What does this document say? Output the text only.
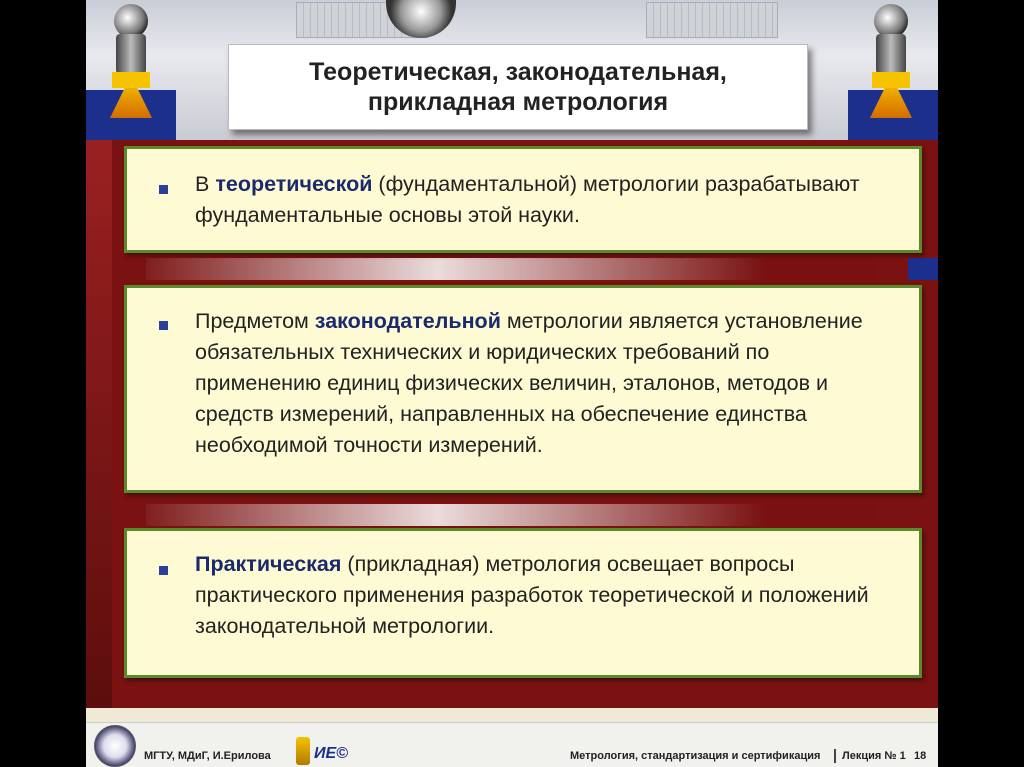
Теоретическая, законодательная,
прикладная метрология

В теоретической (фундаментальной) метрологии разрабатывают фундаментальные основы этой науки.

Предметом законодательной метрологии является установление обязательных технических и юридических требований по применению единиц физических величин, эталонов, методов и средств измерений, направленных на обеспечение единства необходимой точности измерений.

Практическая (прикладная) метрология освещает вопросы практического применения разработок теоретической и положений законодательной метрологии.

МГТУ, МДиГ, И.Ерилова	ИЕ©	Метрология, стандартизация и сертификация Лекция № 1 18
